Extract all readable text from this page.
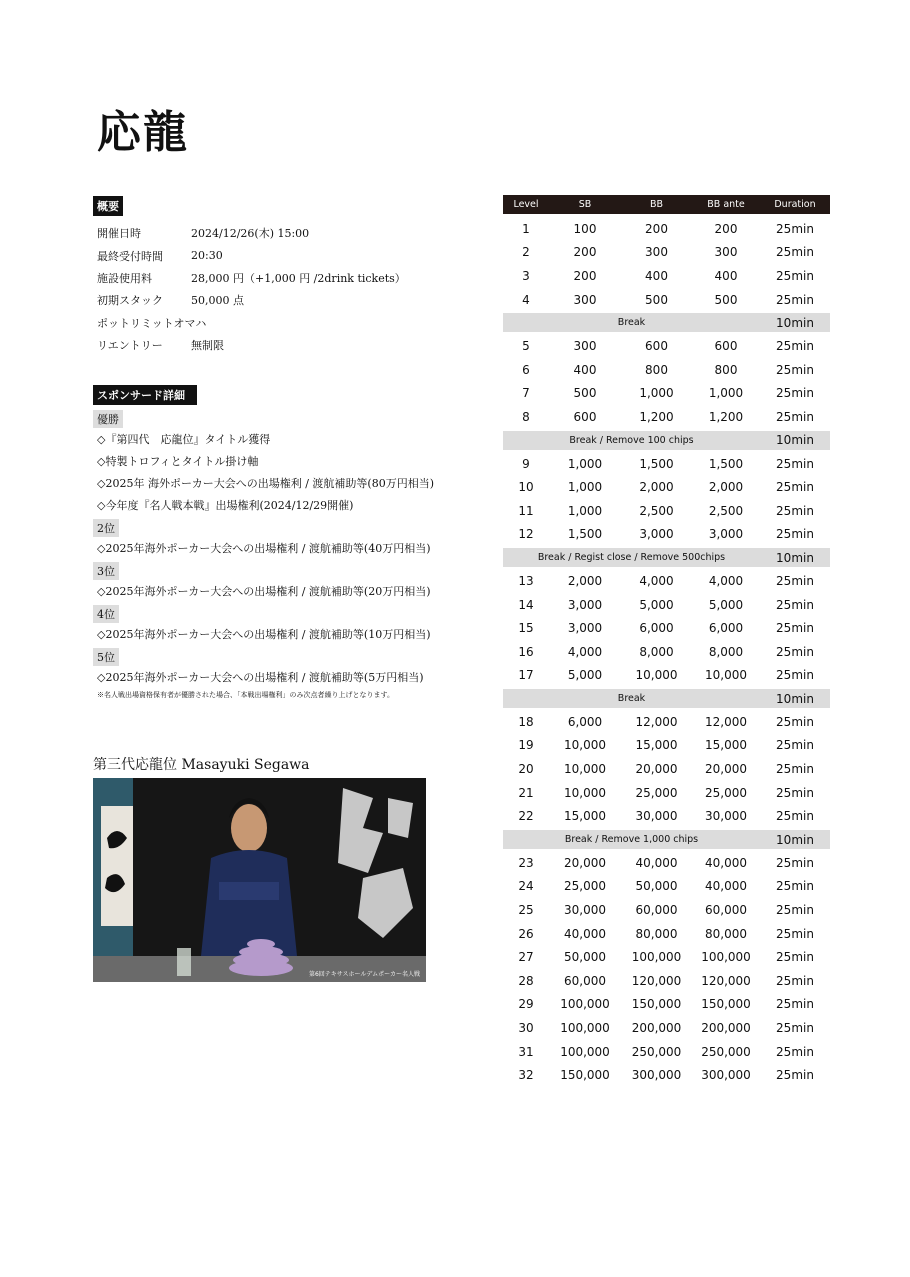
応龍
概要
開催日時	2024/12/26(木) 15:00
最終受付時間	20:30
施設使用料	28,000 円（+1,000 円 /2drink tickets）
初期スタック	50,000 点
ポットリミットオマハ
リエントリー	無制限
スポンサード詳細
優勝
◇『第四代　応龍位』タイトル獲得
◇特製トロフィとタイトル掛け軸
◇2025年 海外ポーカー大会への出場権利 / 渡航補助等(80万円相当)
◇今年度『名人戦本戦』出場権利(2024/12/29開催)
2位
◇2025年海外ポーカー大会への出場権利 / 渡航補助等(40万円相当)
3位
◇2025年海外ポーカー大会への出場権利 / 渡航補助等(20万円相当)
4位
◇2025年海外ポーカー大会への出場権利 / 渡航補助等(10万円相当)
5位
◇2025年海外ポーカー大会への出場権利 / 渡航補助等(5万円相当)
※名人戦出場資格保有者が優勝された場合、「本戦出場権利」のみ次点者繰り上げとなります。
第三代応龍位 Masayuki Segawa
第6回テキサスホールデムポーカー名人戦
Level	SB	BB	BB ante	Duration
1	100	200	200	25min
2	200	300	300	25min
3	200	400	400	25min
4	300	500	500	25min
Break	10min
5	300	600	600	25min
6	400	800	800	25min
7	500	1,000	1,000	25min
8	600	1,200	1,200	25min
Break / Remove 100 chips	10min
9	1,000	1,500	1,500	25min
10	1,000	2,000	2,000	25min
11	1,000	2,500	2,500	25min
12	1,500	3,000	3,000	25min
Break / Regist close / Remove 500chips	10min
13	2,000	4,000	4,000	25min
14	3,000	5,000	5,000	25min
15	3,000	6,000	6,000	25min
16	4,000	8,000	8,000	25min
17	5,000	10,000	10,000	25min
Break	10min
18	6,000	12,000	12,000	25min
19	10,000	15,000	15,000	25min
20	10,000	20,000	20,000	25min
21	10,000	25,000	25,000	25min
22	15,000	30,000	30,000	25min
Break / Remove 1,000 chips	10min
23	20,000	40,000	40,000	25min
24	25,000	50,000	40,000	25min
25	30,000	60,000	60,000	25min
26	40,000	80,000	80,000	25min
27	50,000	100,000	100,000	25min
28	60,000	120,000	120,000	25min
29	100,000	150,000	150,000	25min
30	100,000	200,000	200,000	25min
31	100,000	250,000	250,000	25min
32	150,000	300,000	300,000	25min
